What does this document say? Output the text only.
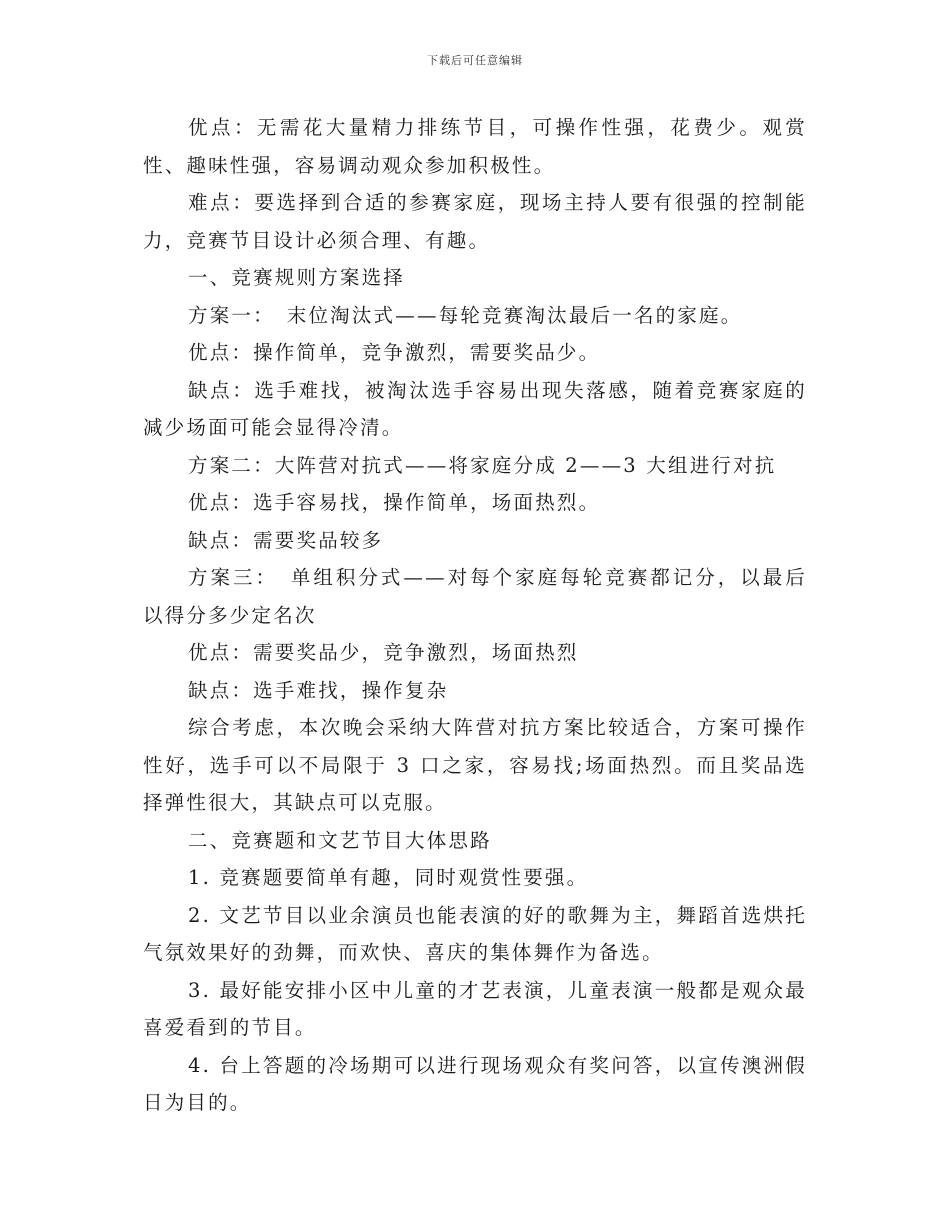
下载后可任意编辑

优点：无需花大量精力排练节目，可操作性强，花费少。观赏性、趣味性强，容易调动观众参加积极性。

难点：要选择到合适的参赛家庭，现场主持人要有很强的控制能力，竞赛节目设计必须合理、有趣。

一、竞赛规则方案选择

方案一：　末位淘汰式——每轮竞赛淘汰最后一名的家庭。

优点：操作简单，竞争激烈，需要奖品少。

缺点：选手难找，被淘汰选手容易出现失落感，随着竞赛家庭的减少场面可能会显得冷清。

方案二：大阵营对抗式——将家庭分成 2——3 大组进行对抗

优点：选手容易找，操作简单，场面热烈。

缺点：需要奖品较多

方案三：　单组积分式——对每个家庭每轮竞赛都记分，以最后以得分多少定名次

优点：需要奖品少，竞争激烈，场面热烈

缺点：选手难找，操作复杂

综合考虑，本次晚会采纳大阵营对抗方案比较适合，方案可操作性好，选手可以不局限于 3 口之家，容易找;场面热烈。而且奖品选择弹性很大，其缺点可以克服。

二、竞赛题和文艺节目大体思路

1. 竞赛题要简单有趣，同时观赏性要强。

2. 文艺节目以业余演员也能表演的好的歌舞为主，舞蹈首选烘托气氛效果好的劲舞，而欢快、喜庆的集体舞作为备选。

3. 最好能安排小区中儿童的才艺表演，儿童表演一般都是观众最喜爱看到的节目。

4. 台上答题的冷场期可以进行现场观众有奖问答，以宣传澳洲假日为目的。
